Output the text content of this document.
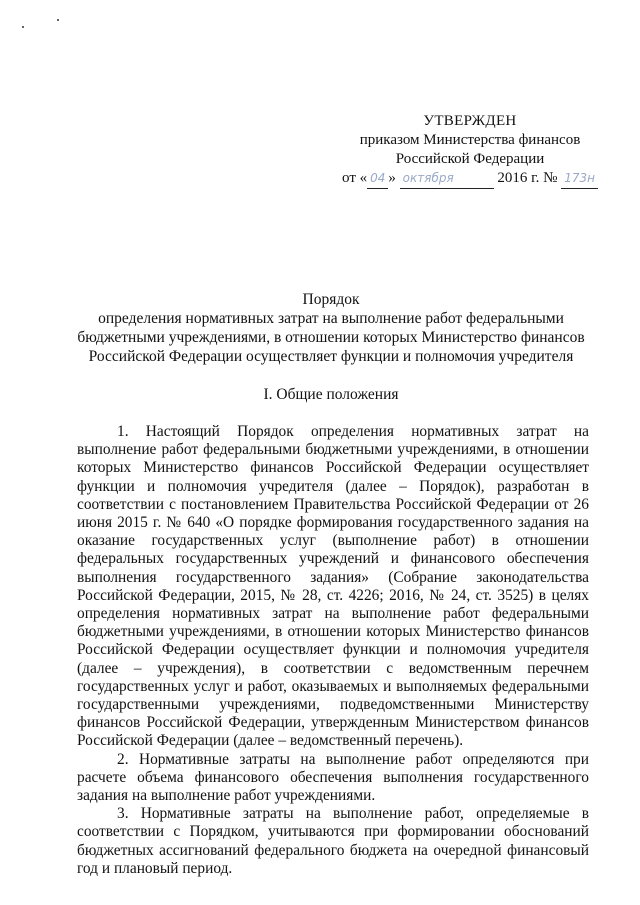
УТВЕРЖДЕН
приказом Министерства финансов
Российской Федерации
от « 04 » октября	2016 г. № 173н
Порядок
определения нормативных затрат на выполнение работ федеральными
бюджетными учреждениями, в отношении которых Министерство финансов
Российской Федерации осуществляет функции и полномочия учредителя
I. Общие положения

1. Настоящий Порядок определения нормативных затрат на выполнение работ федеральными бюджетными учреждениями, в отношении которых Министерство финансов Российской Федерации осуществляет функции и полномочия учредителя (далее – Порядок), разработан в соответствии с постановлением Правительства Российской Федерации от 26 июня 2015 г. № 640 «О порядке формирования государственного задания на оказание государственных услуг (выполнение работ) в отношении федеральных государственных учреждений и финансового обеспечения выполнения государственного задания» (Собрание законодательства Российской Федерации, 2015, № 28, ст. 4226; 2016, № 24, ст. 3525) в целях определения нормативных затрат на выполнение работ федеральными бюджетными учреждениями, в отношении которых Министерство финансов Российской Федерации осуществляет функции и полномочия учредителя (далее – учреждения), в соответствии с ведомственным перечнем государственных услуг и работ, оказываемых и выполняемых федеральными государственными учреждениями, подведомственными Министерству финансов Российской Федерации, утвержденным Министерством финансов Российской Федерации (далее – ведомственный перечень).

2. Нормативные затраты на выполнение работ определяются при расчете объема финансового обеспечения выполнения государственного задания на выполнение работ учреждениями.

3. Нормативные затраты на выполнение работ, определяемые в соответствии с Порядком, учитываются при формировании обоснований бюджетных ассигнований федерального бюджета на очередной финансовый год и плановый период.
